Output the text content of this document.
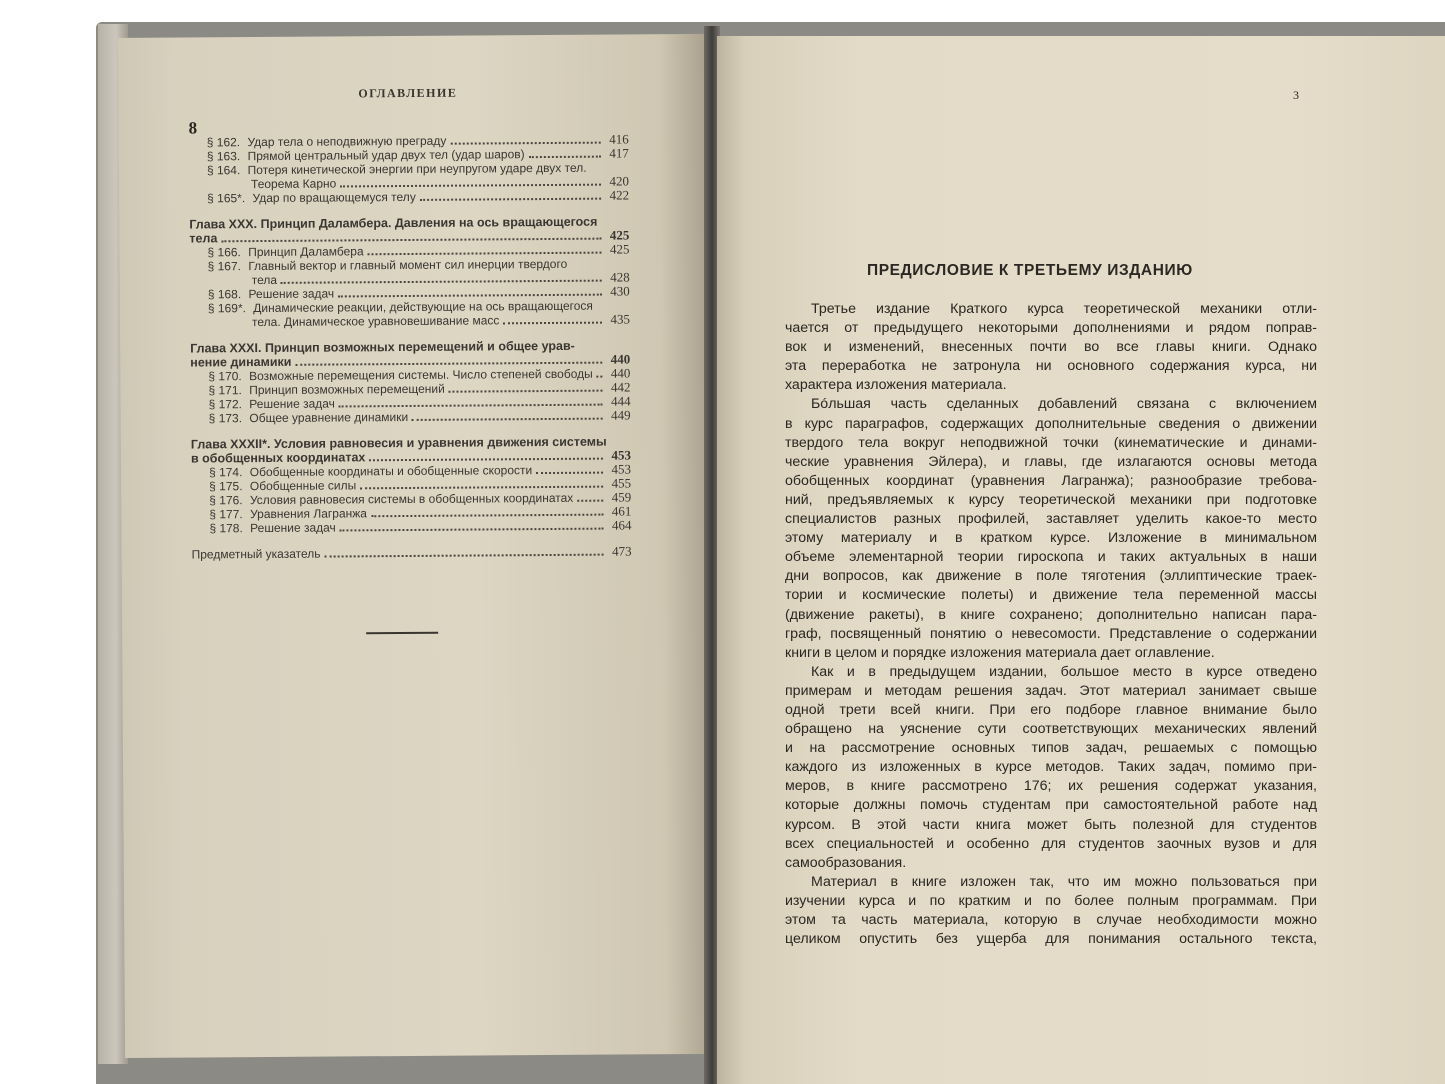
ОГЛАВЛЕНИЕ
8
§ 162. Удар тела о неподвижную преграду	416
§ 163. Прямой центральный удар двух тел (удар шаров)	417
§ 164. Потеря кинетической энергии при неупругом ударе двух тел.
Теорема Карно	420
§ 165*. Удар по вращающемуся телу	422
Глава XXX. Принцип Даламбера. Давления на ось вращающегося
тела	425
§ 166. Принцип Даламбера	425
§ 167. Главный вектор и главный момент сил инерции твердого
тела	428
§ 168. Решение задач	430
§ 169*. Динамические реакции, действующие на ось вращающегося
тела. Динамическое уравновешивание масс	435
Глава XXXI. Принцип возможных перемещений и общее урав-
нение динамики	440
§ 170. Возможные перемещения системы. Число степеней свободы	440
§ 171. Принцип возможных перемещений	442
§ 172. Решение задач	444
§ 173. Общее уравнение динамики	449
Глава XXXII*. Условия равновесия и уравнения движения системы
в обобщенных координатах	453
§ 174. Обобщенные координаты и обобщенные скорости	453
§ 175. Обобщенные силы	455
§ 176. Условия равновесия системы в обобщенных координатах	459
§ 177. Уравнения Лагранжа	461
§ 178. Решение задач	464
Предметный указатель	473
3
ПРЕДИСЛОВИЕ К ТРЕТЬЕМУ ИЗДАНИЮ
Третье издание Краткого курса теоретической механики отли-
чается от предыдущего некоторыми дополнениями и рядом поправ-
вок и изменений, внесенных почти во все главы книги. Однако
эта переработка не затронула ни основного содержания курса, ни
характера изложения материала.
Бóльшая часть сделанных добавлений связана с включением
в курс параграфов, содержащих дополнительные сведения о движении
твердого тела вокруг неподвижной точки (кинематические и динами-
ческие уравнения Эйлера), и главы, где излагаются основы метода
обобщенных координат (уравнения Лагранжа); разнообразие требова-
ний, предъявляемых к курсу теоретической механики при подготовке
специалистов разных профилей, заставляет уделить какое-то место
этому материалу и в кратком курсе. Изложение в минимальном
объеме элементарной теории гироскопа и таких актуальных в наши
дни вопросов, как движение в поле тяготения (эллиптические траек-
тории и космические полеты) и движение тела переменной массы
(движение ракеты), в книге сохранено; дополнительно написан пара-
граф, посвященный понятию о невесомости. Представление о содержании
книги в целом и порядке изложения материала дает оглавление.
Как и в предыдущем издании, большое место в курсе отведено
примерам и методам решения задач. Этот материал занимает свыше
одной трети всей книги. При его подборе главное внимание было
обращено на уяснение сути соответствующих механических явлений
и на рассмотрение основных типов задач, решаемых с помощью
каждого из изложенных в курсе методов. Таких задач, помимо при-
меров, в книге рассмотрено 176; их решения содержат указания,
которые должны помочь студентам при самостоятельной работе над
курсом. В этой части книга может быть полезной для студентов
всех специальностей и особенно для студентов заочных вузов и для
самообразования.
Материал в книге изложен так, что им можно пользоваться при
изучении курса и по кратким и по более полным программам. При
этом та часть материала, которую в случае необходимости можно
целиком опустить без ущерба для понимания остального текста,
